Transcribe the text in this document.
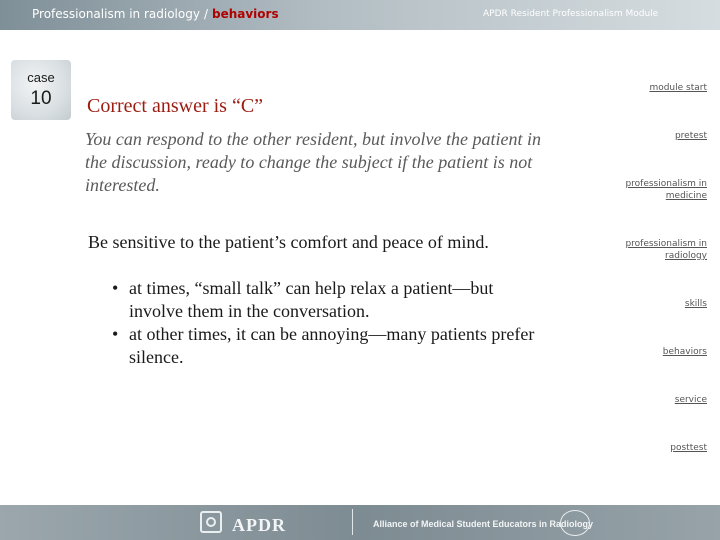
Professionalism in radiology / behaviors	APDR Resident Professionalism Module
case
10	Correct answer is “C”

You can respond to the other resident, but involve the patient in the discussion, ready to change the subject if the patient is not interested.

Be sensitive to the patient’s comfort and peace of mind.

• at times, “small talk” can help relax a patient—but involve them in the conversation.
• at other times, it can be annoying—many patients prefer silence.
module start
pretest
professionalism in medicine
professionalism in radiology
skills
behaviors
service
posttest
APDR	Alliance of Medical Student Educators in Radiology
